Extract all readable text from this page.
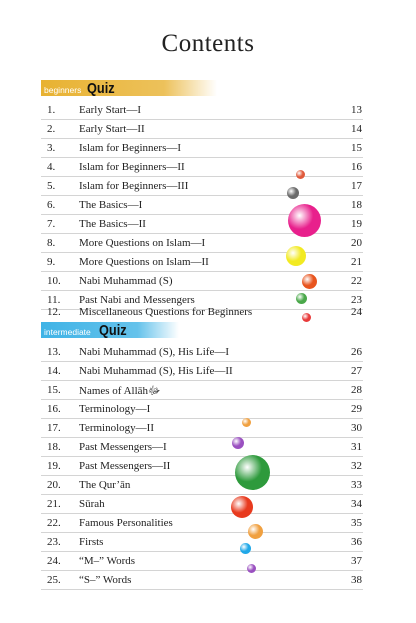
Contents
beginners Quiz
intermediate Quiz
1. Early Start—I	13
2. Early Start—II	14
3. Islam for Beginners—I	15
4. Islam for Beginners—II	16
5. Islam for Beginners—III	17
6. The Basics—I	18
7. The Basics—II	19
8. More Questions on Islam—I	20
9. More Questions on Islam—II	21
10. Nabi Muhammad (S)	22
11. Past Nabi and Messengers	23
12. Miscellaneous Questions for Beginners	24
13. Nabi Muhammad (S), His Life—I	26
14. Nabi Muhammad (S), His Life—II	27
15. Names of Allāhﷻ	28
16. Terminology—I	29
17. Terminology—II	30
18. Past Messengers—I	31
19. Past Messengers—II	32
20. The Qur’ān	33
21. Sūrah	34
22. Famous Personalities	35
23. Firsts	36
24. “M–” Words	37
25. “S–” Words	38
